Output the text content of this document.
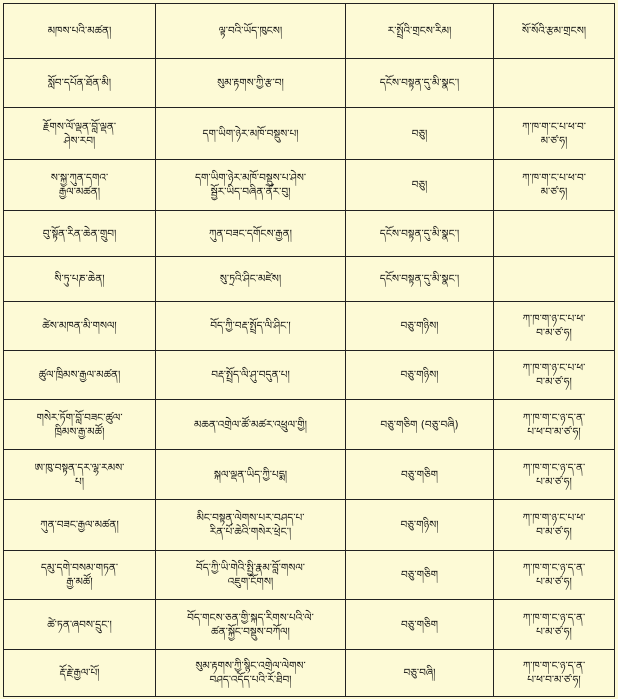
མཁས་པའི་མཚན།	ལྟ་བའི་ཡོད་ཁུངས།	ར་སྤྲོའི་གྲངས་རིམ།	སོ་སོའི་རྩམ་གྲངས།
སློབ་དཔོན་ཐོན་མི།	སུམ་རྟགས་ཀྱི་རྩ་བ།	དངོས་བསྟན་དུ་མི་སྣང་།	
རྗོགས་ལོ་ལྡན་བློ་ལྡན་
ཤེས་རབ།	དག་ཡིག་ཉེར་མཁོ་བསྡུས་པ།	བཅུ།	ཀ་ཁ་ག་ང་པ་ཕ་བ་
མ་ཙ་ཧ།
ས་སྐྱ་ཀུན་དགའ་
རྒྱལ་མཚན།	དག་ཡིག་ཉེར་མཁོ་བསྡུས་པ་ཤེས་
སྦྱོར་ཡིད་བཞིན་ནོར་བུ།	བཅུ།	ཀ་ཁ་ག་ང་པ་ཕ་བ་
མ་ཙ་ཧ།
བུ་སྟོན་རིན་ཆེན་གྲུབ།	ཀུན་བཟང་དགོངས་རྒྱན།	དངོས་བསྟན་དུ་མི་སྣང་།	
སི་ཏུ་པཎ་ཆེན།	སུ་ཏྲའི་ཤིང་མཛེས།	དངོས་བསྟན་དུ་མི་སྣང་།	
ཚེས་མཁན་མི་གསལ།	བོད་ཀྱི་བརྡ་སྤྲོད་ལི་ཤིང་།	བཅུ་གཉིས།	ཀ་ཁ་ག་ཉ་ང་པ་ཕ་
བ་མ་ཙ་ཧ།
ཚུལ་ཁྲིམས་རྒྱལ་མཚན།	བརྡ་སྤྲོད་ལི་ཤུ་བདུན་པ།	བཅུ་གཉིས།	ཀ་ཁ་ག་ཉ་ང་པ་ཕ་
བ་མ་ཙ་ཧ།
གསེར་ཏོག་བློ་བཟང་ཚུལ་
ཁྲིམས་རྒྱ་མཚོ།	མཆན་འགྲེལ་ཚོ་མཚར་འཕྲུལ་གྱི།	བཅུ་གཅིག (བཅུ་བཞི)	ཀ་ཁ་ག་ང་ཉ་ད་ན་
པ་ཕ་བ་མ་ཙ་ཧ།
ཨ་ཁུ་བསྟན་དར་ལྷ་རམས་
པ།	སྐལ་ལྡན་ཡིད་ཀྱི་པདྨ།	བཅུ་གཅིག	ཀ་ཁ་ག་ང་ཉ་ད་ན་
པ་མ་ཙ་ཧ།
ཀུན་བཟང་རྒྱལ་མཚན།	མིང་བསྟན་ལེགས་པར་བཤད་པ་
རིན་པོ་ཆེའི་གསེར་ཕྲེང་།	བཅུ་གཉིས།	ཀ་ཁ་ག་ཉ་ང་པ་ཕ་
བ་མ་ཙ་ཧ།
དམུ་དགེ་བསམ་གཏན་
རྒྱ་མཚོ།	བོད་ཀྱི་ཡི་གེའི་སྤྱི་རྣམ་བློ་གསལ་
འཇུག་ངོགས།	བཅུ་གཅིག	ཀ་ཁ་ག་ང་ཉ་ད་ན་
པ་མ་ཙ་ཧ།
ཚེ་ཏན་ཞབས་དྲུང་།	བོད་གངས་ཅན་གྱི་སྐད་རིགས་པའི་ལེ་
ཚན་སྐྱོང་བསྡུས་བཀོལ།	བཅུ་གཅིག	ཀ་ཁ་ག་ང་ཉ་ད་ན་
པ་མ་ཙ་ཧ།
རྡོ་རྗེ་རྒྱལ་པོ།	སུམ་རྟགས་ཀྱི་སྙིང་འགྲེལ་ལེགས་
བཤད་འདོད་པའི་རོ་ཐིབ།	བཅུ་བཞི།	ཀ་ཁ་ག་ང་ཉ་ད་ན་
པ་ཕ་བ་མ་ཙ་ཧ།
